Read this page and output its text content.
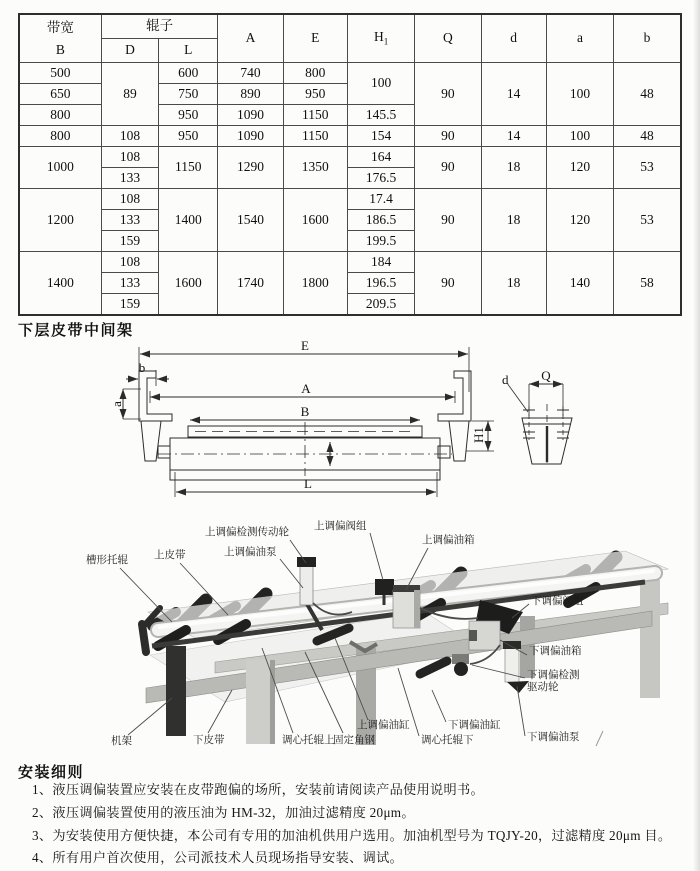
带宽
B	辊子		A	E	$H_1$	Q	d	a	b
	D	L							
500	89	600	740	800	100	90	14	100	48
650		750	890	950					
800		950	1090	1150	145.5				
800	108	950	1090	1150	154	90	14	100	48
1000	108	1150	1290	1350	164	90	18	120	53
	133				176.5				
1200	108	1400	1540	1600	17.4	90	18	120	53
	133				186.5				
	159				199.5				
1400	108	1600	1740	1800	184	90	18	140	58
	133				196.5				
	159				209.5				
下层皮带中间架
E
b
A
a	B
H1
L
d	Q
槽形托辊 上皮带
上调偏检测传动轮
上调偏油泵
上调偏阀组
上调偏油箱
下调偏阀组
下调偏油箱
下调偏检测
驱动轮
下调偏油泵
下调偏油缸
调心托辊下
上调偏油缸
固定角钢
调心托辊上
下皮带
机架
安装细则
1、液压调偏装置应安装在皮带跑偏的场所，安装前请阅读产品使用说明书。
2、液压调偏装置使用的液压油为 HM-32，加油过滤精度 20μm。
3、为安装使用方便快捷，本公司有专用的加油机供用户选用。加油机型号为 TQJY-20，过滤精度 20μm 目。
4、所有用户首次使用，公司派技术人员现场指导安装、调试。
